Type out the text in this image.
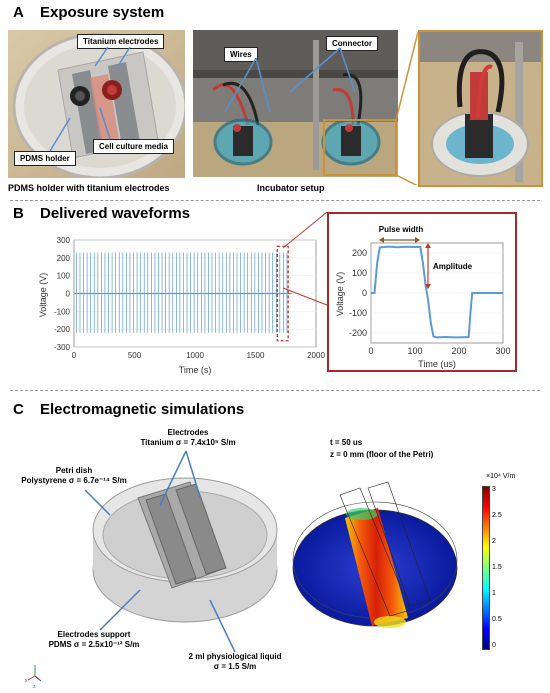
A Exposure system
Titanium electrodes
PDMS holder
Cell culture media
PDMS holder with titanium electrodes
Wires
Connector
Incubator setup
B Delivered waveforms
300
200
100
0
-100
-200
-300
0	500	1000	1500	2000
Time (s)
Voltage (V)
200
100
0
-100
-200
0	100	200	300
Pulse width
Amplitude
Time (us)
Voltage (V)
C Electromagnetic simulations
Electrodes
Titanium σ = 7.4x10⁵ S/m
Petri dish
Polystyrene σ = 6.7e⁻¹⁴ S/m
Electrodes support
PDMS σ = 2.5x10⁻¹² S/m
2 ml physiological liquid
σ = 1.5 S/m
x
z
t = 50 us
z = 0 mm (floor of the Petri)
×10⁴ V/m
3
2.5
2
1.5
1
0.5
0
